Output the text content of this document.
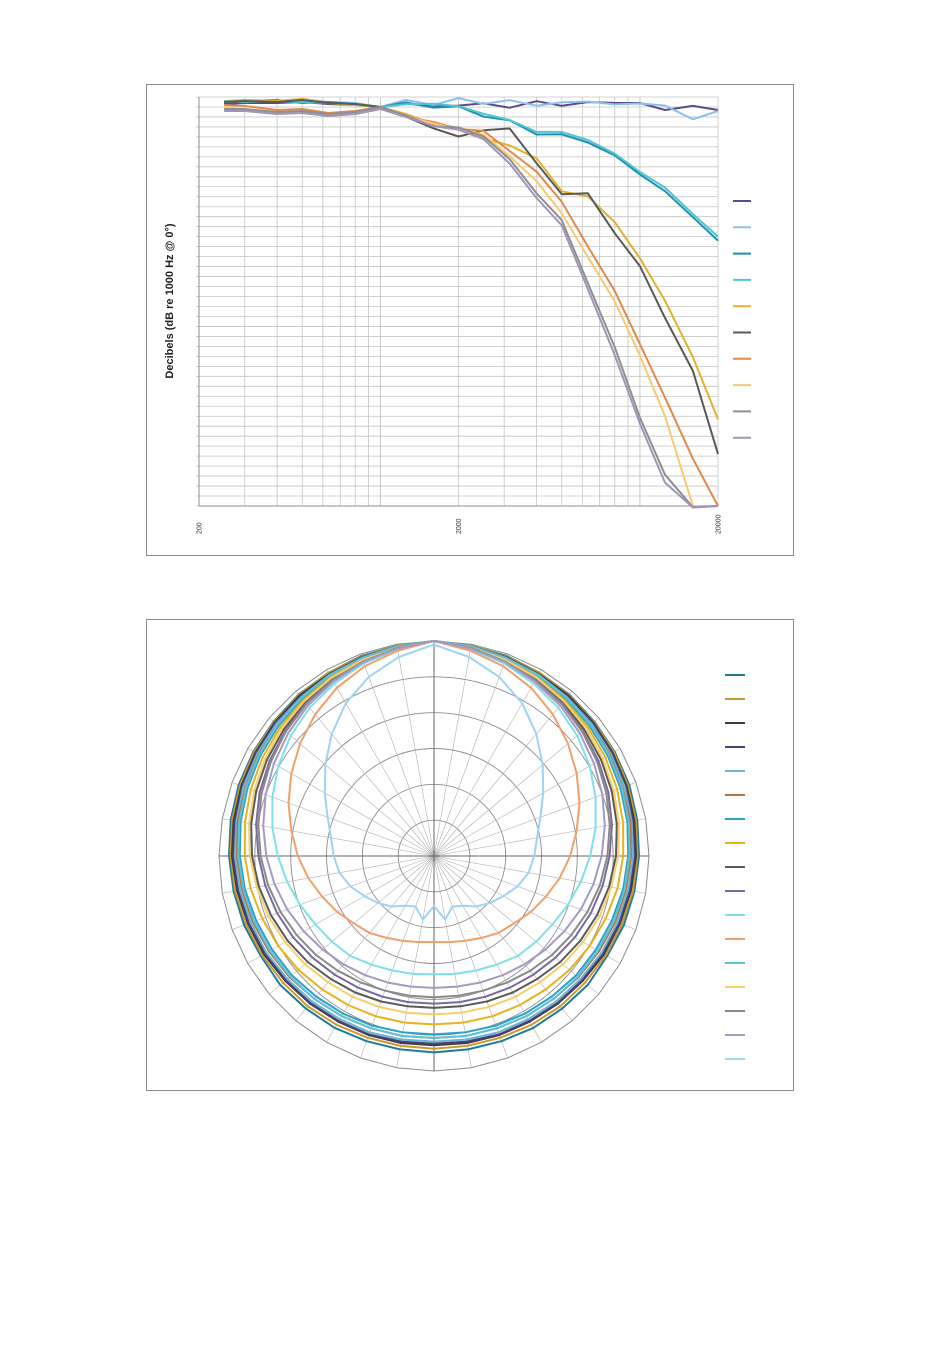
Decibels (dB re 1000 Hz @ 0°)
200	2000	20000
